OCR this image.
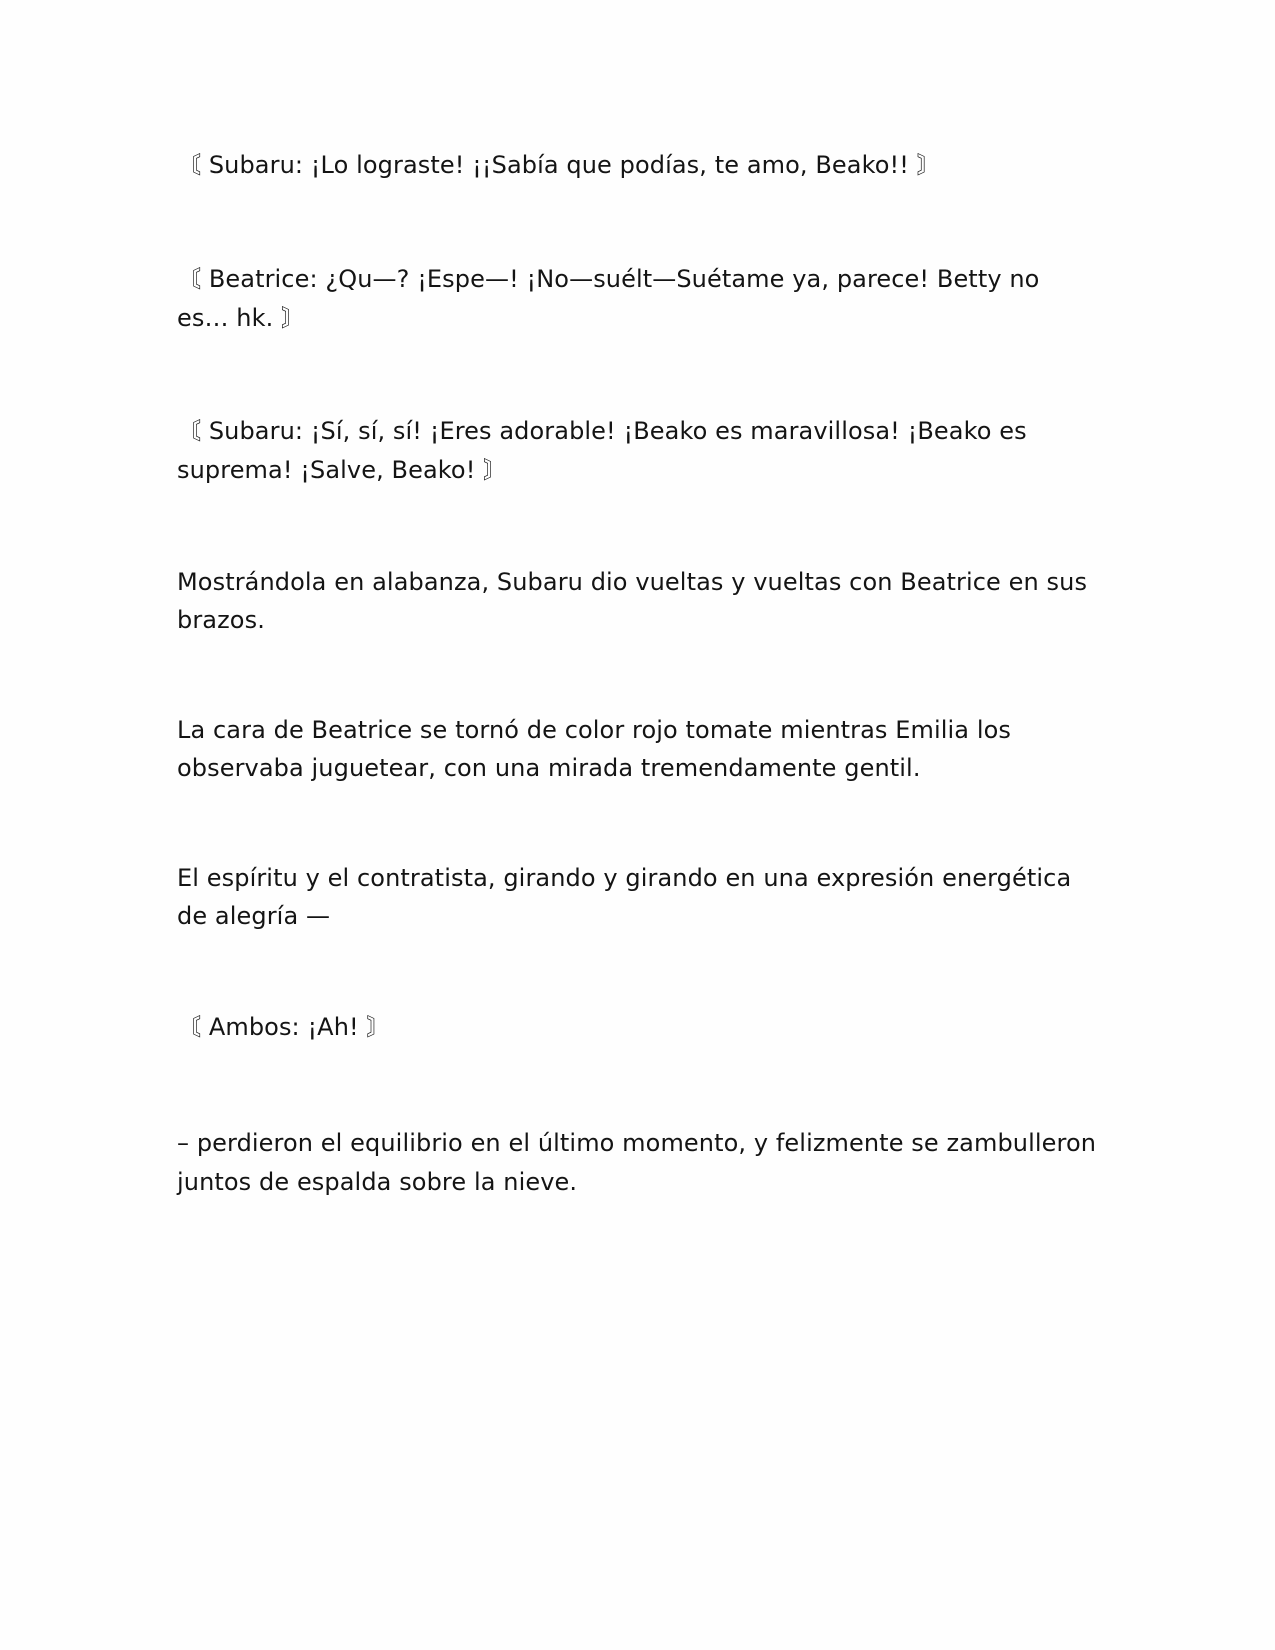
〘 Subaru: ¡Lo lograste! ¡¡Sabía que podías, te amo, Beako!! 〙

〘 Beatrice: ¿Qu—? ¡Espe—! ¡No—suélt—Suétame ya, parece! Betty no es… hk. 〙

〘 Subaru: ¡Sí, sí, sí! ¡Eres adorable! ¡Beako es maravillosa! ¡Beako es suprema! ¡Salve, Beako! 〙

Mostrándola en alabanza, Subaru dio vueltas y vueltas con Beatrice en sus brazos.

La cara de Beatrice se tornó de color rojo tomate mientras Emilia los observaba juguetear, con una mirada tremendamente gentil.

El espíritu y el contratista, girando y girando en una expresión energética de alegría —

〘 Ambos: ¡Ah! 〙

– perdieron el equilibrio en el último momento, y felizmente se zambulleron juntos de espalda sobre la nieve.
